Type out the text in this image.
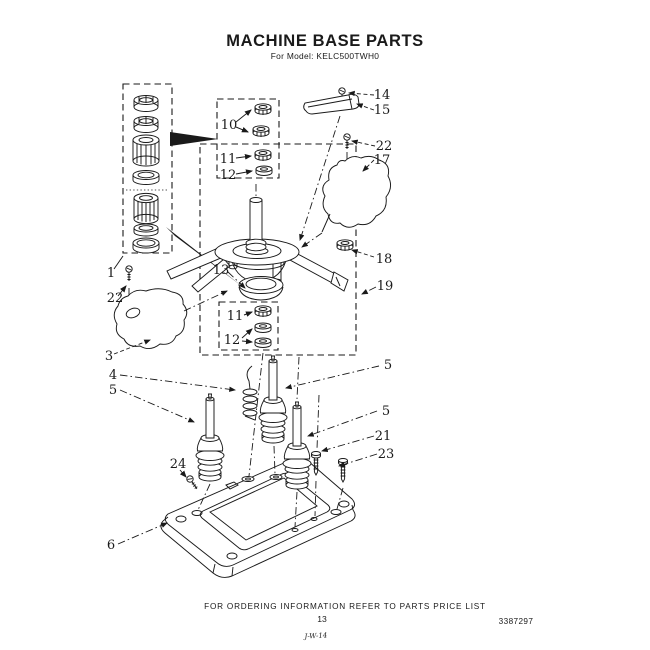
MACHINE BASE PARTS
For Model: KELC500TWH0
1
22
3
4
5
6
10
11
12
13
14
15
22
17
18
19
11
12
5
5
21
23
24
FOR ORDERING INFORMATION REFER TO PARTS PRICE LIST
13	3387297
J-W-14
